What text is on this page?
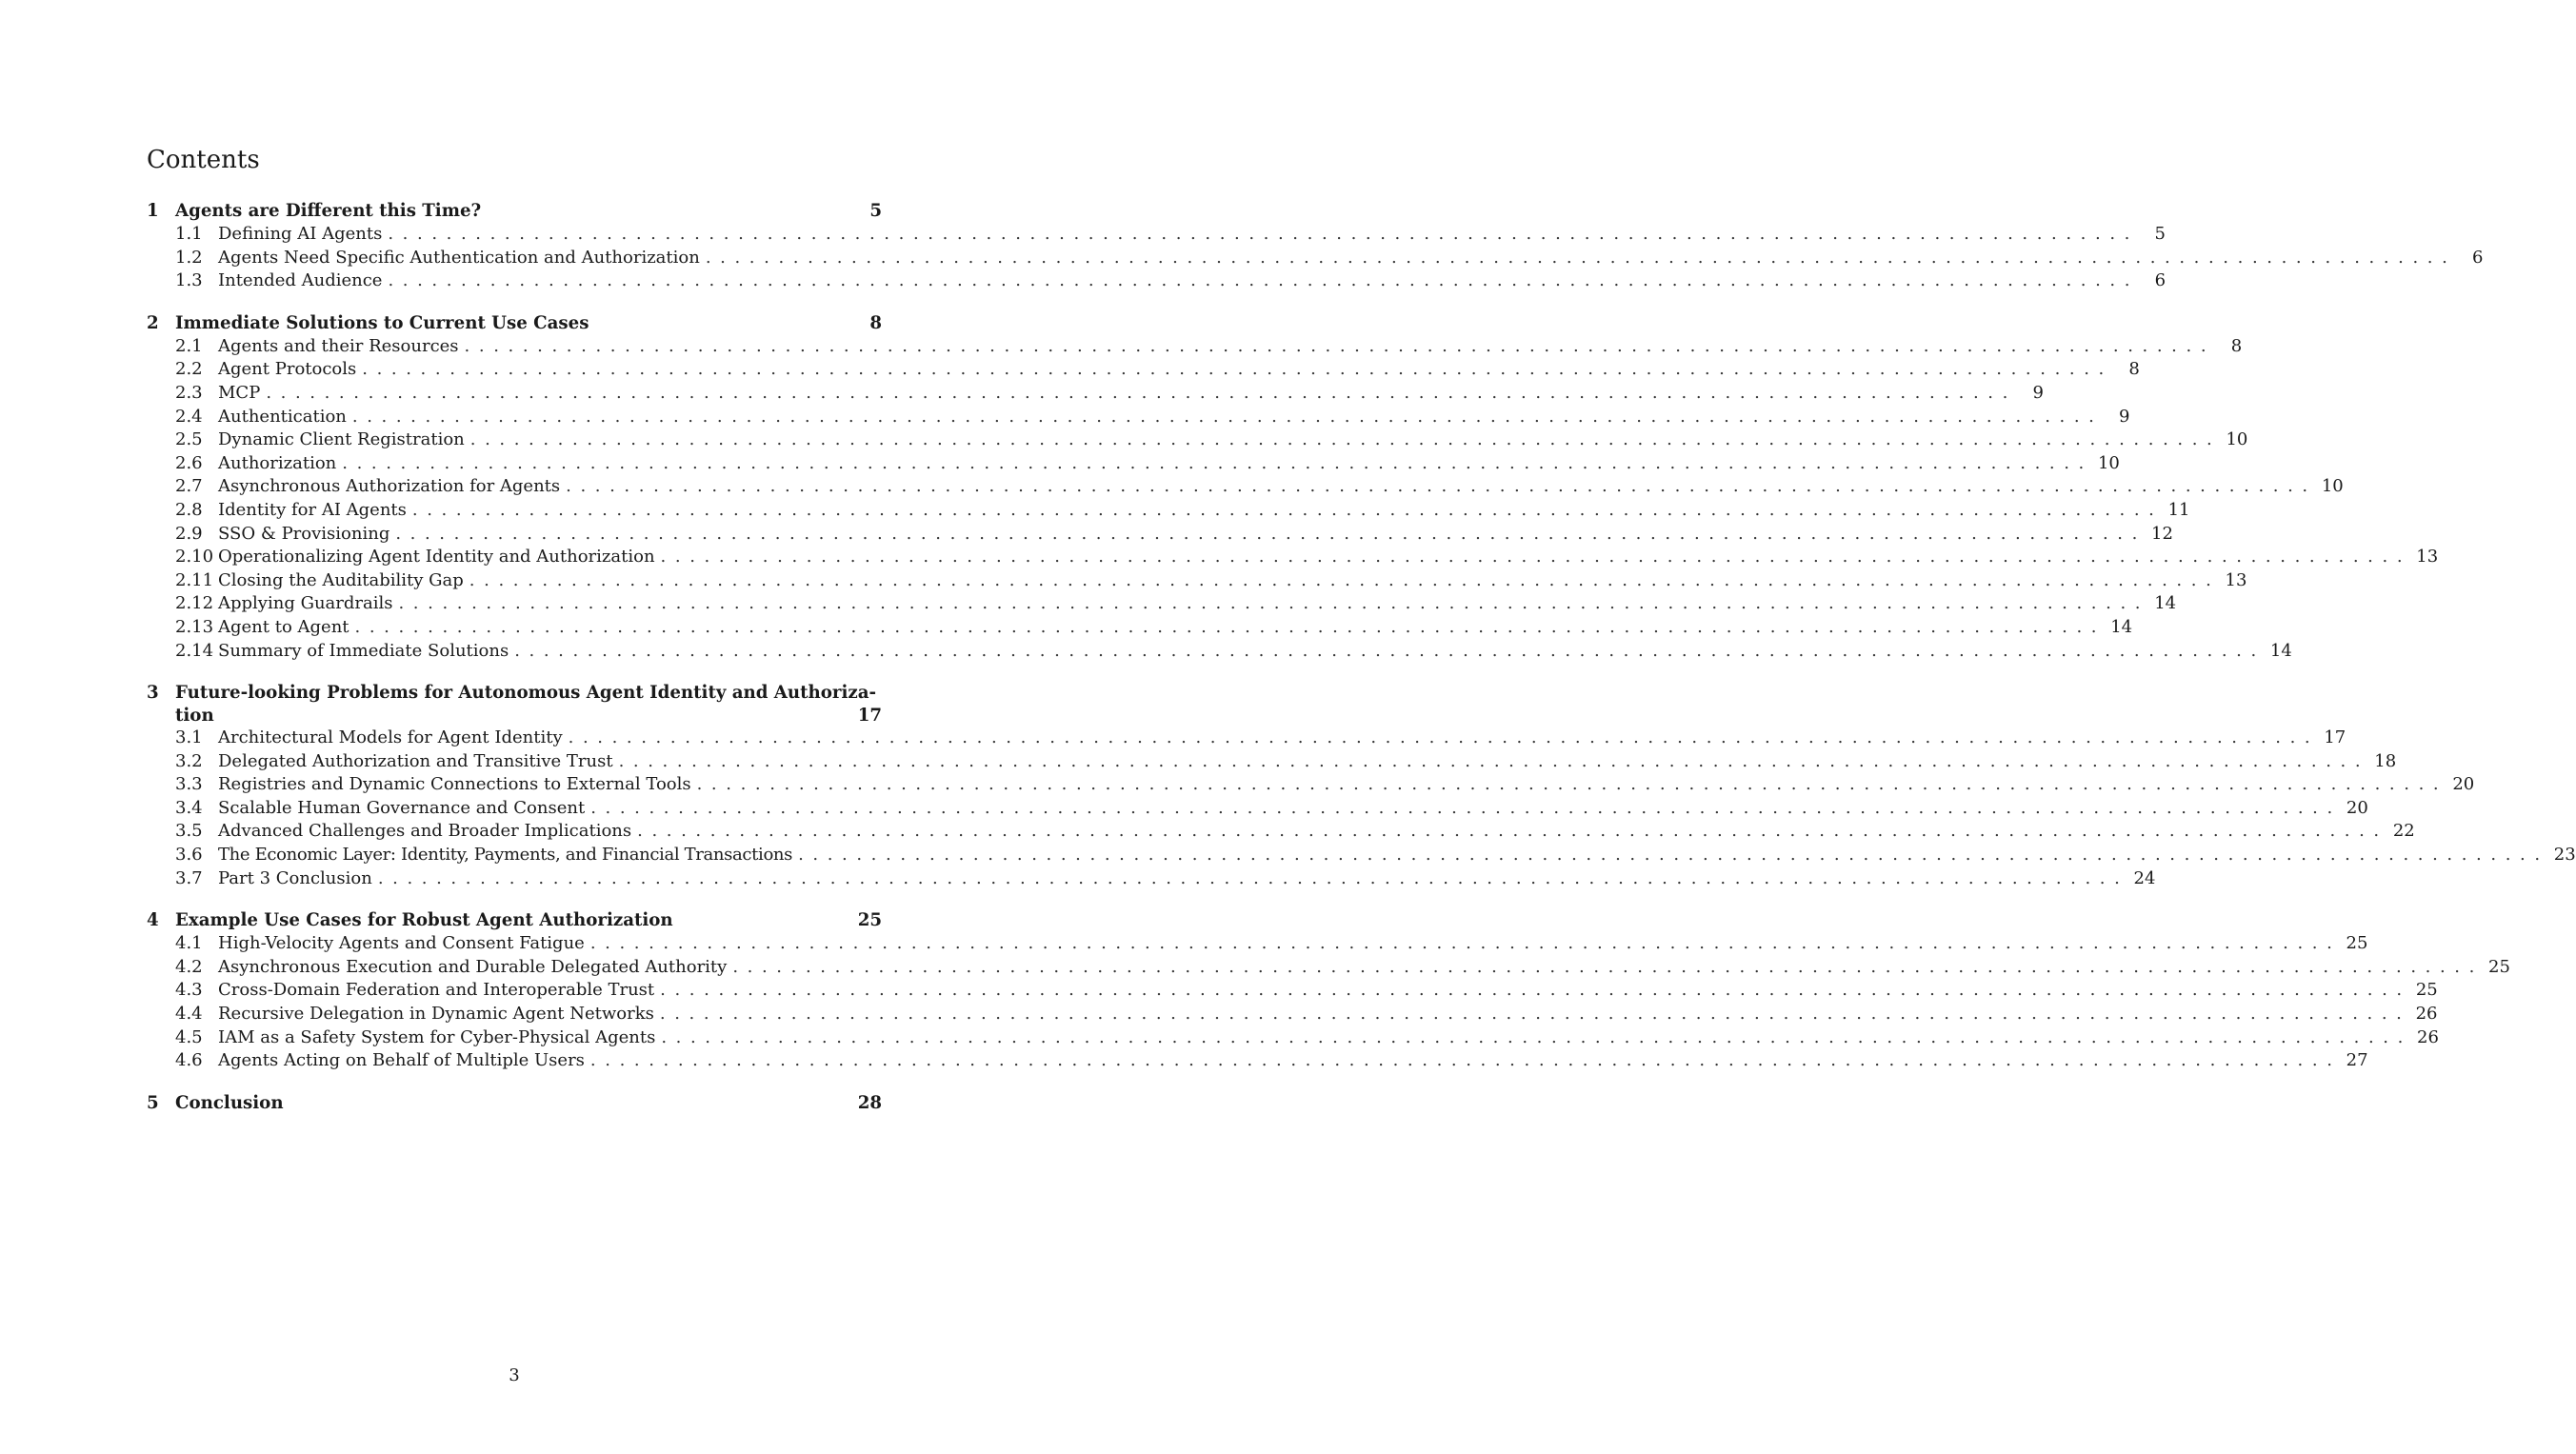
Contents
1 Agents are Different this Time?	5
1.1 Defining AI Agents ........................................................................................................................ 5
1.2 Agents Need Specific Authentication and Authorization ........................................................................................................................ 6
1.3 Intended Audience ........................................................................................................................ 6
2 Immediate Solutions to Current Use Cases	8
2.1 Agents and their Resources ........................................................................................................................ 8
2.2 Agent Protocols ........................................................................................................................ 8
2.3 MCP ........................................................................................................................ 9
2.4 Authentication ........................................................................................................................ 9
2.5 Dynamic Client Registration ........................................................................................................................ 10
2.6 Authorization ........................................................................................................................ 10
2.7 Asynchronous Authorization for Agents ........................................................................................................................ 10
2.8 Identity for AI Agents ........................................................................................................................ 11
2.9 SSO & Provisioning ........................................................................................................................ 12
2.10 Operationalizing Agent Identity and Authorization ........................................................................................................................ 13
2.11 Closing the Auditability Gap ........................................................................................................................ 13
2.12 Applying Guardrails ........................................................................................................................ 14
2.13 Agent to Agent ........................................................................................................................ 14
2.14 Summary of Immediate Solutions ........................................................................................................................ 14
3 Future-looking Problems for Autonomous Agent Identity and Authoriza-
tion	17
3.1 Architectural Models for Agent Identity ........................................................................................................................ 17
3.2 Delegated Authorization and Transitive Trust ........................................................................................................................ 18
3.3 Registries and Dynamic Connections to External Tools ........................................................................................................................ 20
3.4 Scalable Human Governance and Consent ........................................................................................................................ 20
3.5 Advanced Challenges and Broader Implications ........................................................................................................................ 22
3.6 The Economic Layer: Identity, Payments, and Financial Transactions ........................................................................................................................ 23
3.7 Part 3 Conclusion ........................................................................................................................ 24
4 Example Use Cases for Robust Agent Authorization	25
4.1 High-Velocity Agents and Consent Fatigue ........................................................................................................................ 25
4.2 Asynchronous Execution and Durable Delegated Authority ........................................................................................................................ 25
4.3 Cross-Domain Federation and Interoperable Trust ........................................................................................................................ 25
4.4 Recursive Delegation in Dynamic Agent Networks ........................................................................................................................ 26
4.5 IAM as a Safety System for Cyber-Physical Agents ........................................................................................................................ 26
4.6 Agents Acting on Behalf of Multiple Users ........................................................................................................................ 27
5 Conclusion	28
3
